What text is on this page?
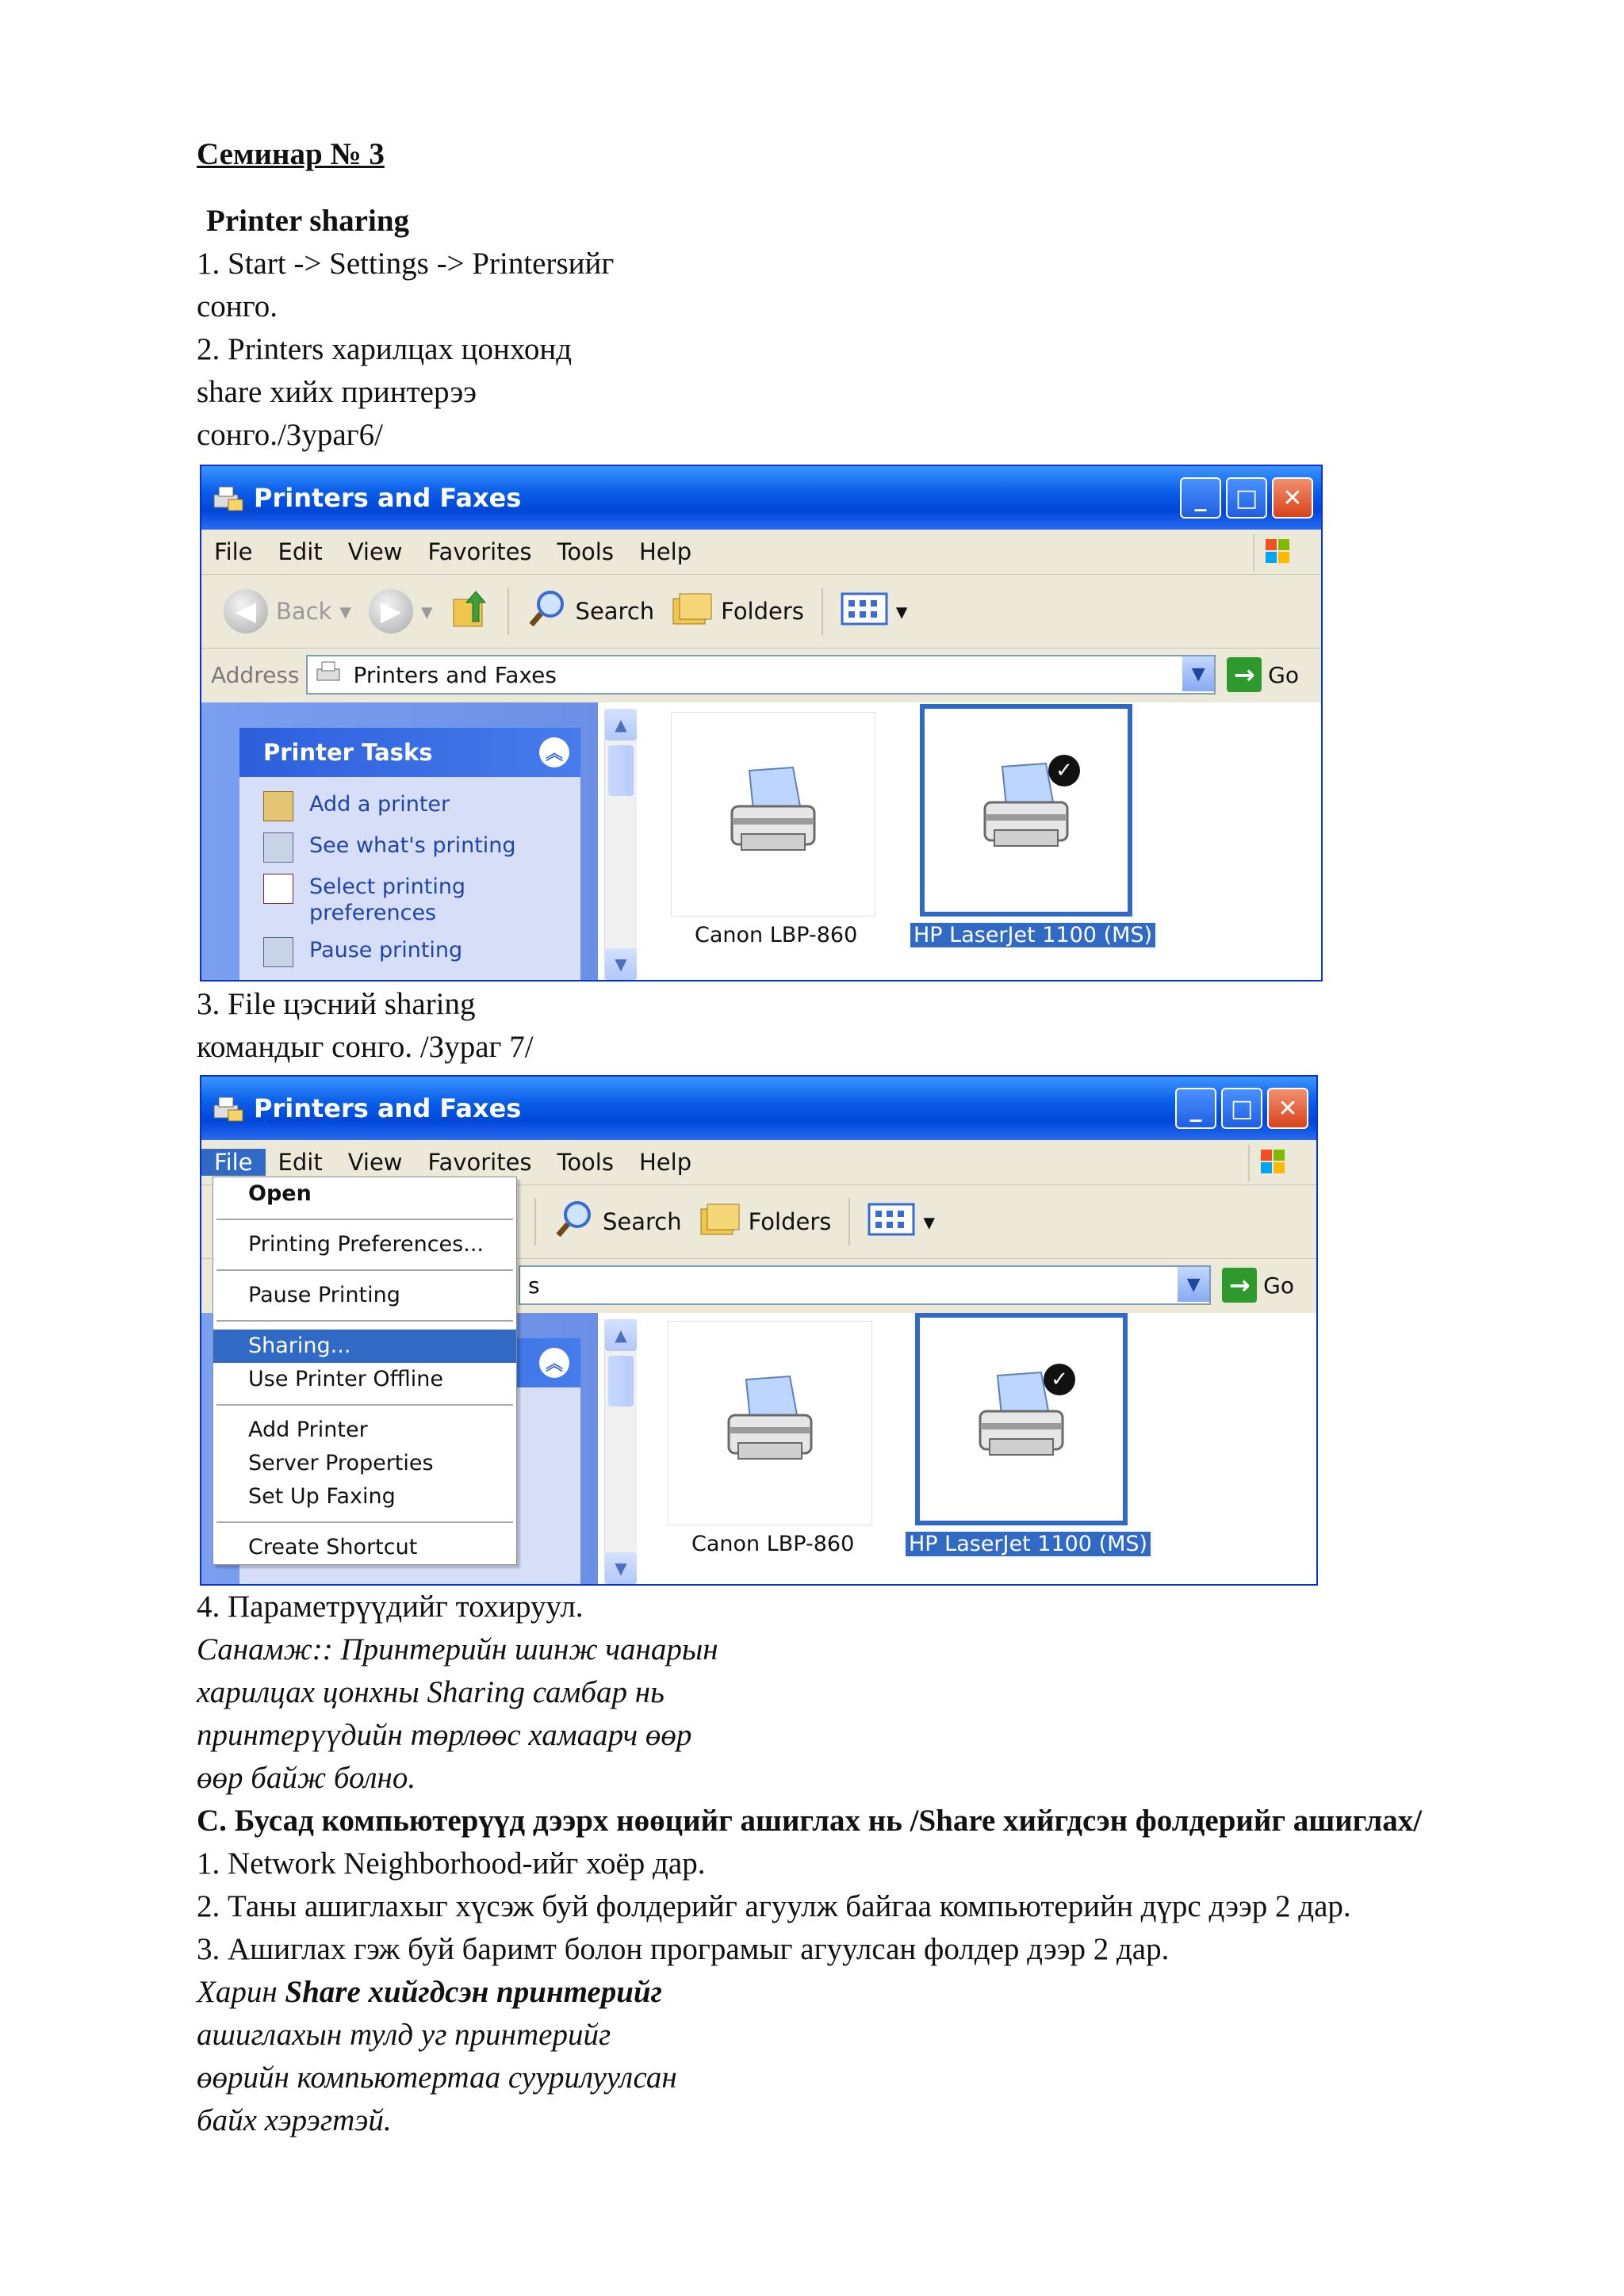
Семинар № 3

Printer sharing

1. Start -> Settings -> Printersийг

сонго.

2. Printers харилцах цонхонд

share хийх принтерээ

сонго./Зураг6/

Printers and Faxes	_	□	✕
File	Edit	View	Favorites	Tools	Help
◀ Back ▾	▶ ▾	Search	Folders	▾
Address Printers and Faxes	▼	→ Go
Printer Tasks	︽
Add a printer
See what's printing
Select printing preferences
Pause printing
▲
▼
Canon LBP-860
✓
HP LaserJet 1100 (MS)

3. File цэсний sharing

командыг сонго. /Зураг 7/

Printers and Faxes	_	□	✕
File	Edit	View	Favorites	Tools	Help
Search	Folders	▾
s	▼	→ Go
︽
▲
▼
Canon LBP-860
✓
HP LaserJet 1100 (MS)
Open
Printing Preferences...
Pause Printing
Sharing...
Use Printer Offline
Add Printer
Server Properties
Set Up Faxing
Create Shortcut

4. Параметрүүдийг тохируул.

Санамж:: Принтерийн шинж чанарын

харилцах цонхны Sharing самбар нь

принтерүүдийн төрлөөс хамаарч өөр

өөр байж болно.

С. Бусад компьютерүүд дээрх нөөцийг ашиглах нь /Share хийгдсэн фолдерийг ашиглах/

1. Network Neighborhood-ийг хоёр дар.

2. Таны ашиглахыг хүсэж буй фолдерийг агуулж байгаа компьютерийн дүрс дээр 2 дар.

3. Ашиглах гэж буй баримт болон програмыг агуулсан фолдер дээр 2 дар.

Харин Share хийгдсэн принтерийг

ашиглахын тулд уг принтерийг

өөрийн компьютертаа суурилуулсан

байх хэрэгтэй.
